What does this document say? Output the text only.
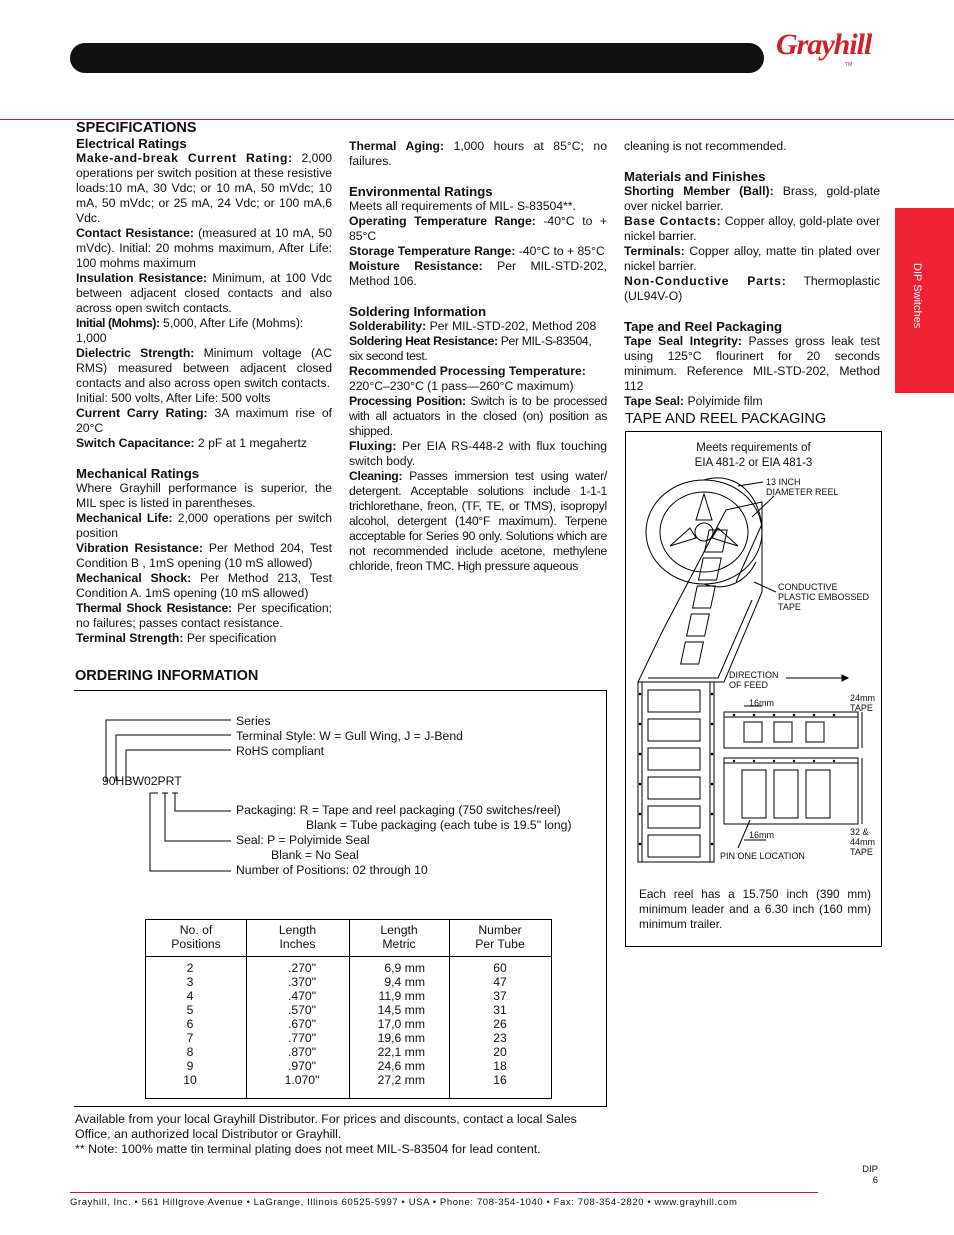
Grayhill
TM
DIP Switches

SPECIFICATIONS

Electrical Ratings

Make-and-break Current Rating: 2,000 operations per switch position at these resistive loads:10 mA, 30 Vdc; or 10 mA, 50 mVdc; 10 mA, 50 mVdc; or 25 mA, 24 Vdc; or 100 mA,6 Vdc.

Contact Resistance: (measured at 10 mA, 50 mVdc). Initial: 20 mohms maximum, After Life: 100 mohms maximum

Insulation Resistance: Minimum, at 100 Vdc between adjacent closed contacts and also across open switch contacts.

Initial (Mohms): 5,000, After Life (Mohms): 1,000

Dielectric Strength: Minimum voltage (AC RMS) measured between adjacent closed contacts and also across open switch contacts.

Initial: 500 volts, After Life: 500 volts

Current Carry Rating: 3A maximum rise of 20°C

Switch Capacitance: 2 pF at 1 megahertz

Mechanical Ratings

Where Grayhill performance is superior, the MIL spec is listed in parentheses.

Mechanical Life: 2,000 operations per switch position

Vibration Resistance: Per Method 204, Test Condition B , 1mS opening (10 mS allowed)

Mechanical Shock: Per Method 213, Test Condition A. 1mS opening (10 mS allowed)

Thermal Shock Resistance: Per specification; no failures; passes contact resistance.

Terminal Strength: Per specification

Thermal Aging: 1,000 hours at 85°C; no failures.

Environmental Ratings

Meets all requirements of MIL- S-83504**.

Operating Temperature Range: -40°C to + 85°C

Storage Temperature Range: -40°C to + 85°C

Moisture Resistance: Per MIL-STD-202, Method 106.

Soldering Information

Solderability: Per MIL-STD-202, Method 208

Soldering Heat Resistance: Per MIL-S-83504, six second test.

Recommended Processing Temperature: 220°C–230°C (1 pass—260°C maximum)

Processing Position: Switch is to be processed with all actuators in the closed (on) position as shipped.

Fluxing: Per EIA RS-448-2 with flux touching switch body.

Cleaning: Passes immersion test using water/ detergent. Acceptable solutions include 1-1-1 trichlorethane, freon, (TF, TE, or TMS), isopropyl alcohol, detergent (140°F maximum). Terpene acceptable for Series 90 only. Solutions which are not recommended include acetone, methylene chloride, freon TMC. High pressure aqueous

cleaning is not recommended.

Materials and Finishes

Shorting Member (Ball): Brass, gold-plate over nickel barrier.

Base Contacts: Copper alloy, gold-plate over nickel barrier.

Terminals: Copper alloy, matte tin plated over nickel barrier.

Non-Conductive Parts: Thermoplastic (UL94V-O)

Tape and Reel Packaging

Tape Seal Integrity: Passes gross leak test using 125°C flourinert for 20 seconds minimum. Reference MIL-STD-202, Method 112

Tape Seal: Polyimide film

TAPE AND REEL PACKAGING
Meets requirements of
EIA 481-2 or EIA 481-3
13 INCH
DIAMETER REEL
CONDUCTIVE
PLASTIC EMBOSSED
TAPE
DIRECTION
OF FEED
16mm	24mm
TAPE
16mm	32 &
44mm
TAPE
PIN ONE LOCATION
Each reel has a 15.750 inch (390 mm) minimum leader and a 6.30 inch (160 mm) minimum trailer.
ORDERING INFORMATION

Series

Terminal Style: W = Gull Wing, J = J-Bend

RoHS compliant

90HBW02PRT

Packaging: R = Tape and reel packaging (750 switches/reel)

Blank = Tube packaging (each tube is 19.5" long)

Seal: P = Polyimide Seal

Blank = No Seal

Number of Positions: 02 through 10

No. of
Positions
Length
Inches
Length
Metric
Number
Per Tube
2
3
4
5
6
7
8
9
10
.270"
.370"
.470"
.570"
.670"
.770"
.870"
.970"
1.070"
6,9 mm
9,4 mm
11,9 mm
14,5 mm
17,0 mm
19,6 mm
22,1 mm
24,6 mm
27,2 mm
60
47
37
31
26
23
20
18
16

Available from your local Grayhill Distributor. For prices and discounts, contact a local Sales Office, an authorized local Distributor or Grayhill.

** Note: 100% matte tin terminal plating does not meet MIL-S-83504 for lead content.

DIP
6
Grayhill, Inc. • 561 Hillgrove Avenue • LaGrange, Illinois 60525-5997 • USA • Phone: 708-354-1040 • Fax: 708-354-2820 • www.grayhill.com
